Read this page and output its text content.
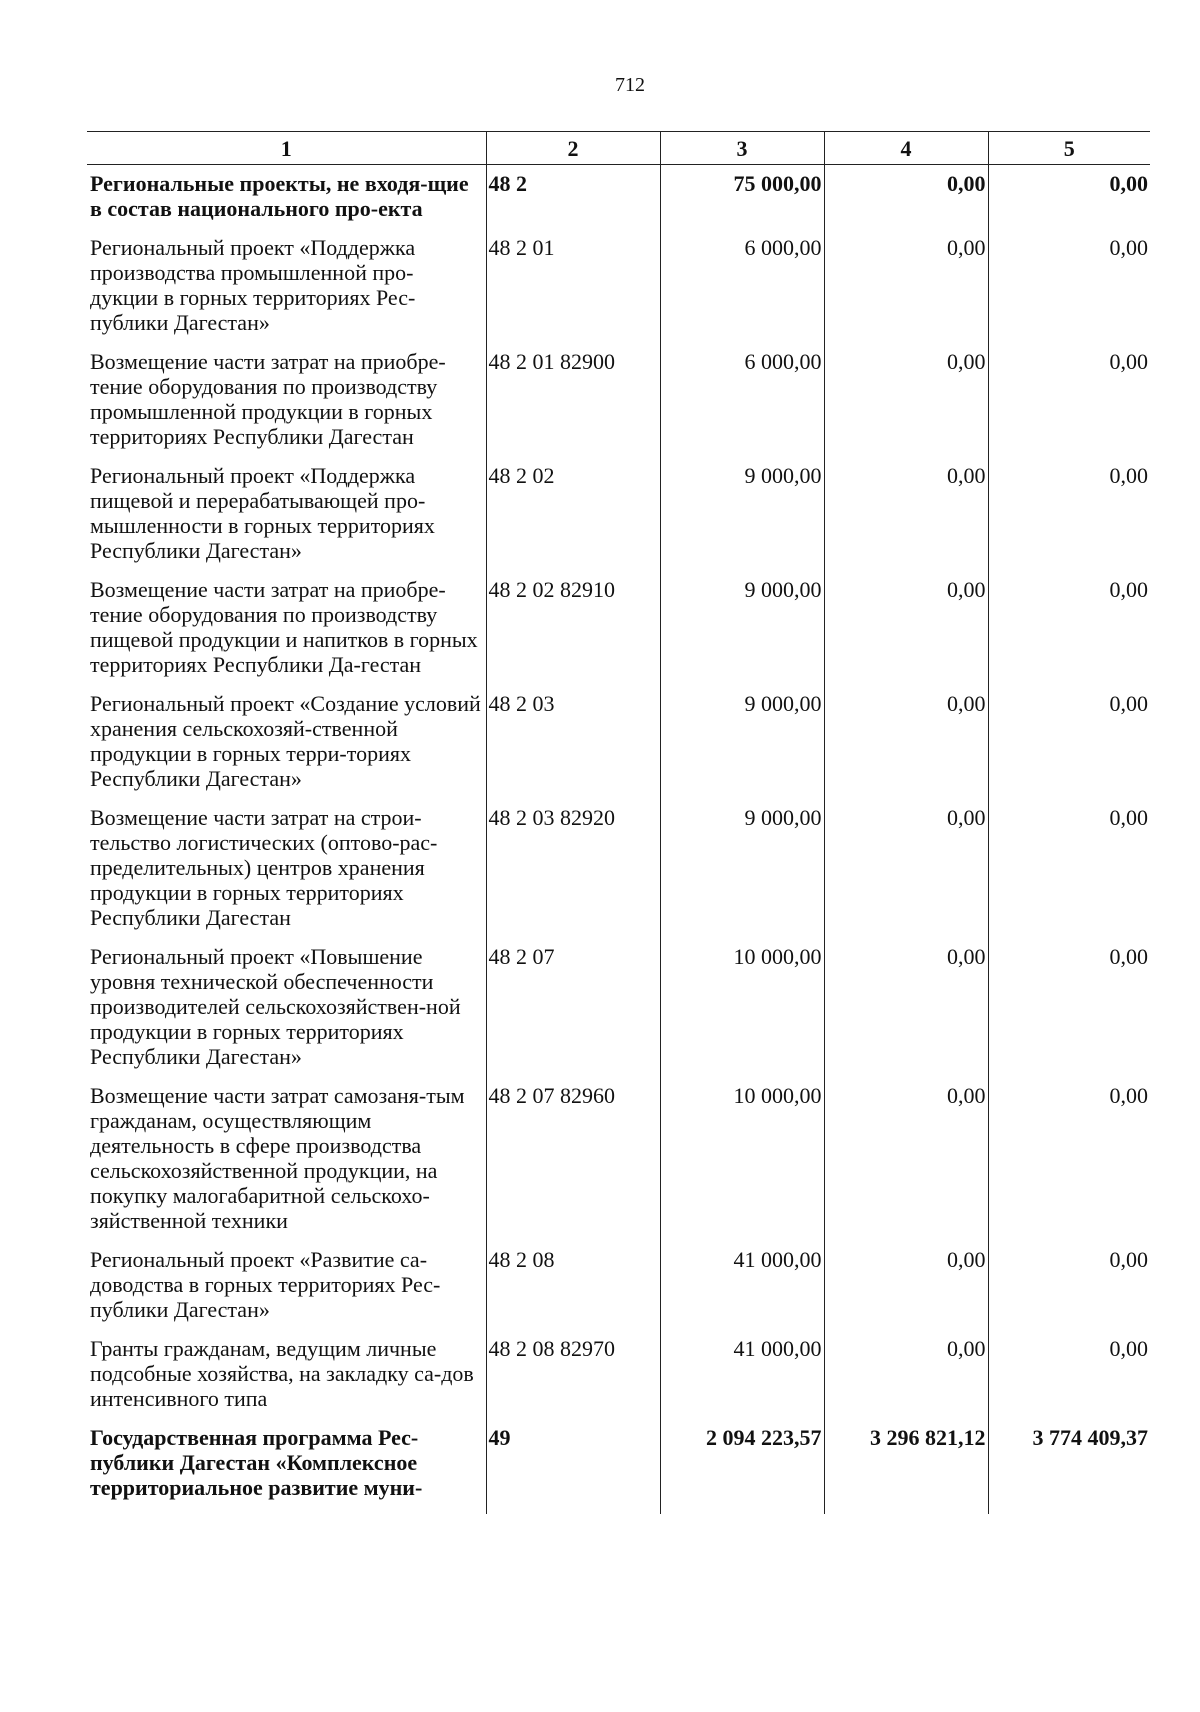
712
1	2	3	4	5
Региональные проекты, не входя-щие в состав национального про-екта	48 2	75 000,00	0,00	0,00
Региональный проект «Поддержка производства промышленной про-дукции в горных территориях Рес-публики Дагестан»	48 2 01	6 000,00	0,00	0,00
Возмещение части затрат на приобре-тение оборудования по производству промышленной продукции в горных территориях Республики Дагестан	48 2 01 82900	6 000,00	0,00	0,00
Региональный проект «Поддержка пищевой и перерабатывающей про-мышленности в горных территориях Республики Дагестан»	48 2 02	9 000,00	0,00	0,00
Возмещение части затрат на приобре-тение оборудования по производству пищевой продукции и напитков в горных территориях Республики Да-гестан	48 2 02 82910	9 000,00	0,00	0,00
Региональный проект «Создание условий хранения сельскохозяй-ственной продукции в горных терри-ториях Республики Дагестан»	48 2 03	9 000,00	0,00	0,00
Возмещение части затрат на строи-тельство логистических (оптово-рас-пределительных) центров хранения продукции в горных территориях Республики Дагестан	48 2 03 82920	9 000,00	0,00	0,00
Региональный проект «Повышение уровня технической обеспеченности производителей сельскохозяйствен-ной продукции в горных территориях Республики Дагестан»	48 2 07	10 000,00	0,00	0,00
Возмещение части затрат самозаня-тым гражданам, осуществляющим деятельность в сфере производства сельскохозяйственной продукции, на покупку малогабаритной сельскохо-зяйственной техники	48 2 07 82960	10 000,00	0,00	0,00
Региональный проект «Развитие са-доводства в горных территориях Рес-публики Дагестан»	48 2 08	41 000,00	0,00	0,00
Гранты гражданам, ведущим личные подсобные хозяйства, на закладку са-дов интенсивного типа	48 2 08 82970	41 000,00	0,00	0,00
Государственная программа Рес-публики Дагестан «Комплексное территориальное развитие муни-	49	2 094 223,57	3 296 821,12	3 774 409,37
